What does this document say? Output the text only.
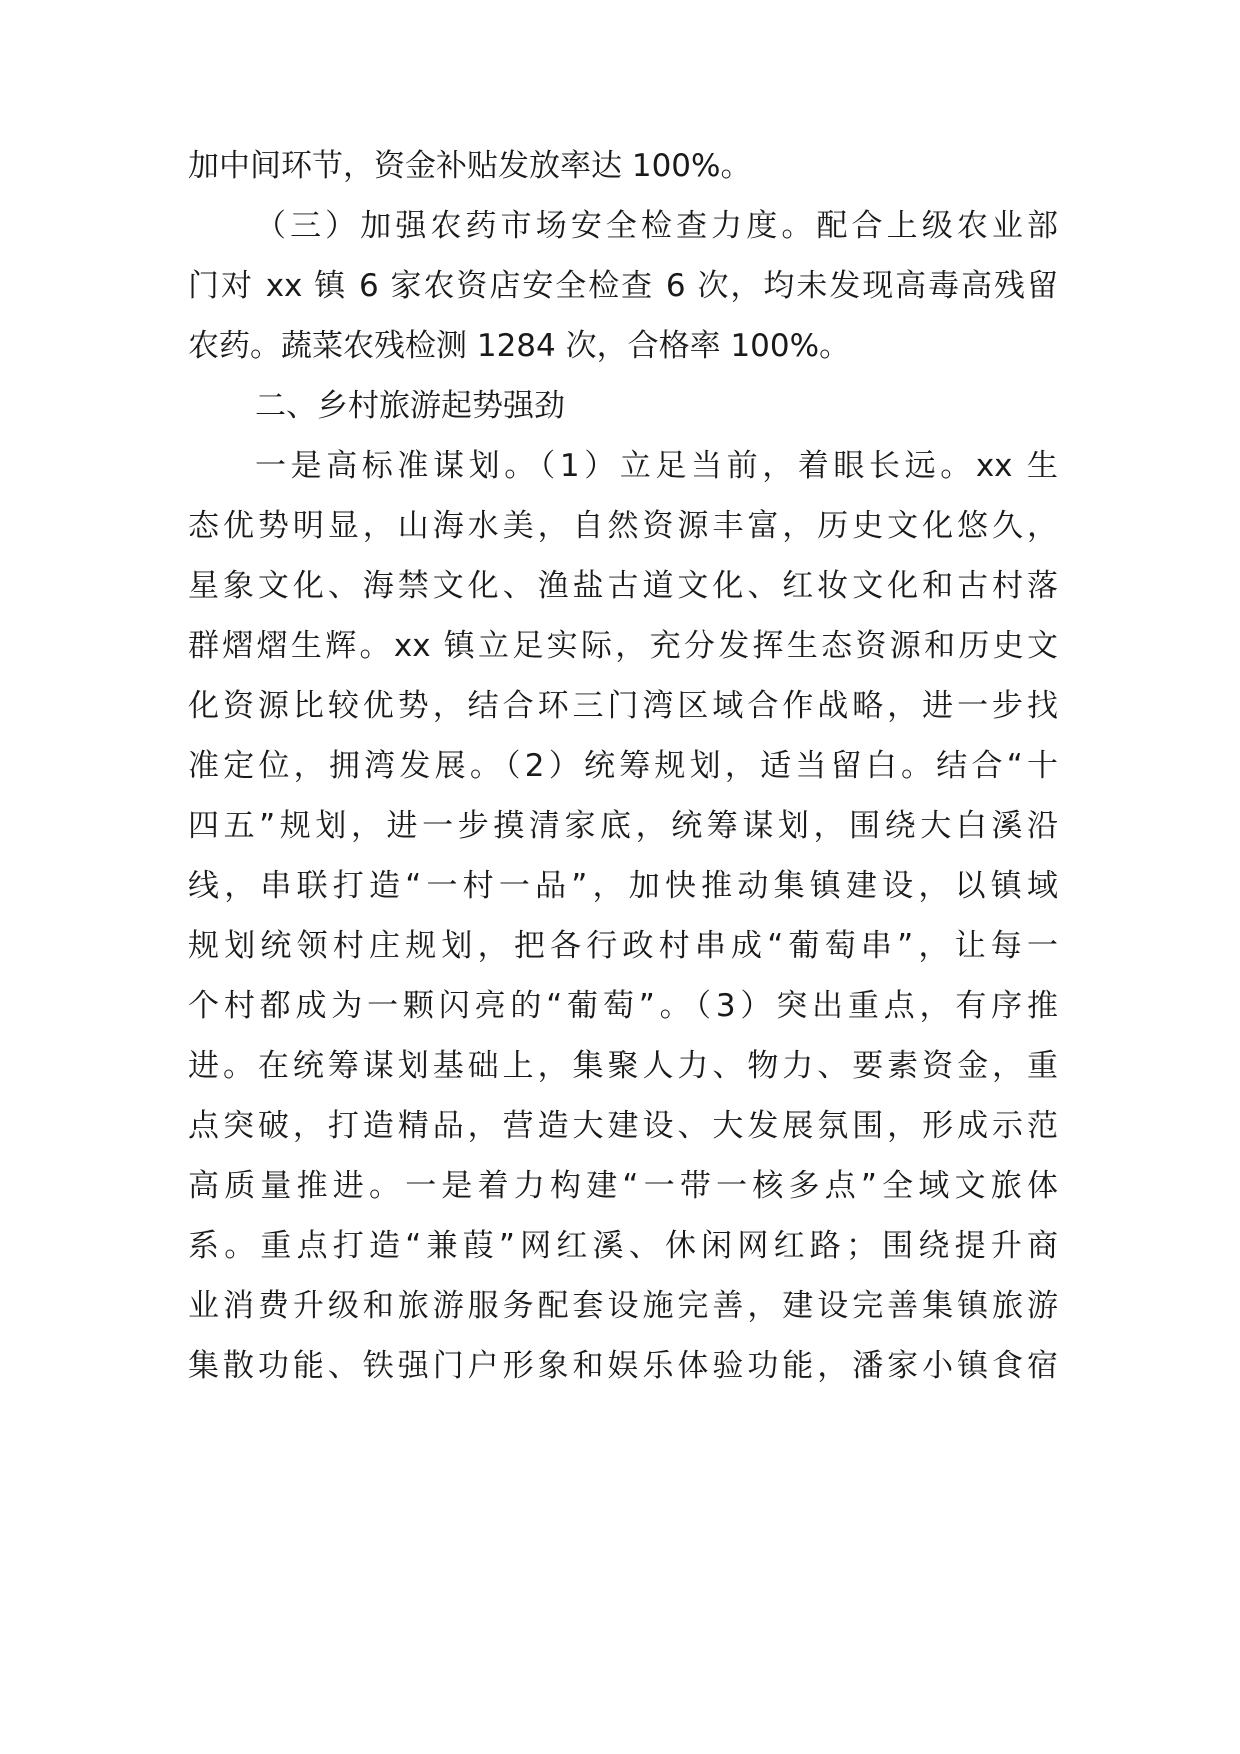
加中间环节，资金补贴发放率达 100%。
（三）加强农药市场安全检查力度。配合上级农业部
门对 xx 镇 6 家农资店安全检查 6 次，均未发现高毒高残留
农药。蔬菜农残检测 1284 次，合格率 100%。
二、乡村旅游起势强劲
一是高标准谋划。（1）立足当前，着眼长远。xx 生
态优势明显，山海水美，自然资源丰富，历史文化悠久，
星象文化、海禁文化、渔盐古道文化、红妆文化和古村落
群熠熠生辉。xx 镇立足实际，充分发挥生态资源和历史文
化资源比较优势，结合环三门湾区域合作战略，进一步找
准定位，拥湾发展。（2）统筹规划，适当留白。结合“十
四五”规划，进一步摸清家底，统筹谋划，围绕大白溪沿
线，串联打造“一村一品”，加快推动集镇建设，以镇域
规划统领村庄规划，把各行政村串成“葡萄串”，让每一
个村都成为一颗闪亮的“葡萄”。（3）突出重点，有序推
进。在统筹谋划基础上，集聚人力、物力、要素资金，重
点突破，打造精品，营造大建设、大发展氛围，形成示范
高质量推进。一是着力构建“一带一核多点”全域文旅体
系。重点打造“兼葭”网红溪、休闲网红路；围绕提升商
业消费升级和旅游服务配套设施完善，建设完善集镇旅游
集散功能、铁强门户形象和娱乐体验功能，潘家小镇食宿
